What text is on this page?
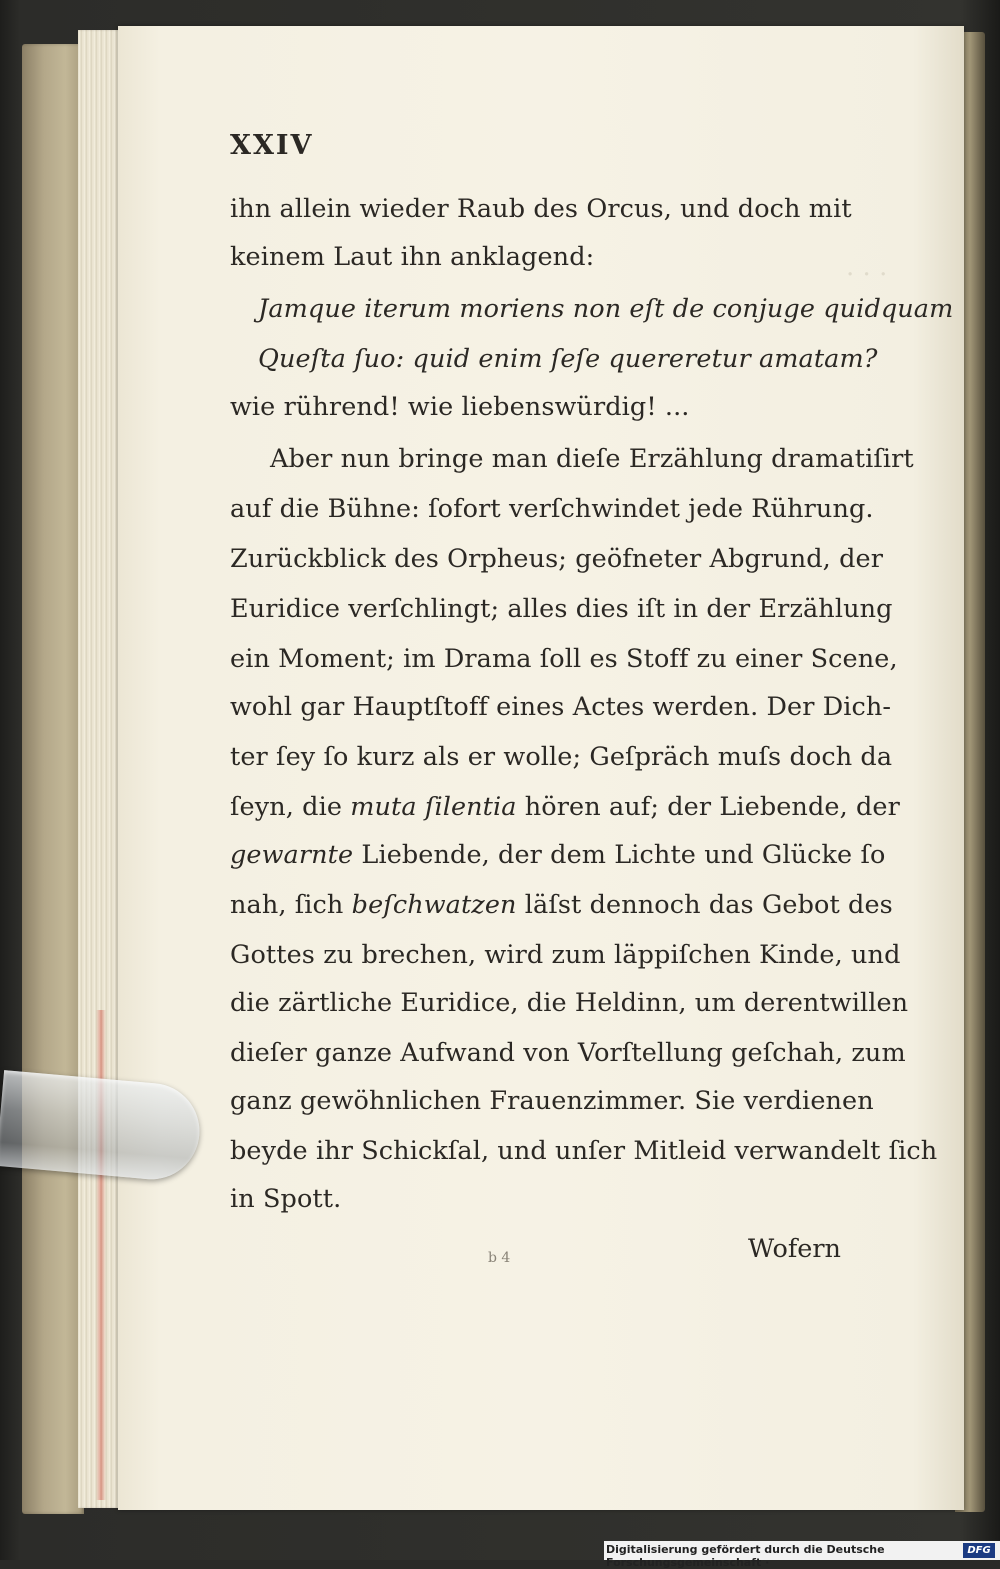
. . .
XXIV
ihn allein wieder Raub des Orcus, und doch mit
keinem Laut ihn anklagend:
Jamque iterum moriens non eſt de conjuge quidquam
Queſta ſuo: quid enim ſeſe quereretur amatam?
wie rührend! wie liebenswürdig! ...
Aber nun bringe man dieſe Erzählung dramatiſirt
auf die Bühne: ſofort verſchwindet jede Rührung.
Zurückblick des Orpheus; geöfneter Abgrund, der
Euridice verſchlingt; alles dies iſt in der Erzählung
ein Moment; im Drama ſoll es Stoff zu einer Scene,
wohl gar Hauptſtoff eines Actes werden. Der Dich-
ter ſey ſo kurz als er wolle; Geſpräch muſs doch da
ſeyn, die muta ſilentia hören auf; der Liebende, der
gewarnte Liebende, der dem Lichte und Glücke ſo
nah, ſich beſchwatzen läſst dennoch das Gebot des
Gottes zu brechen, wird zum läppiſchen Kinde, und
die zärtliche Euridice, die Heldinn, um derentwillen
dieſer ganze Aufwand von Vorſtellung geſchah, zum
ganz gewöhnlichen Frauenzimmer. Sie verdienen
beyde ihr Schickſal, und unſer Mitleid verwandelt ſich
in Spott.
b 4	Wofern
Digitalisierung gefördert durch die Deutsche Forschungsgemeinschaft ·
DFG
